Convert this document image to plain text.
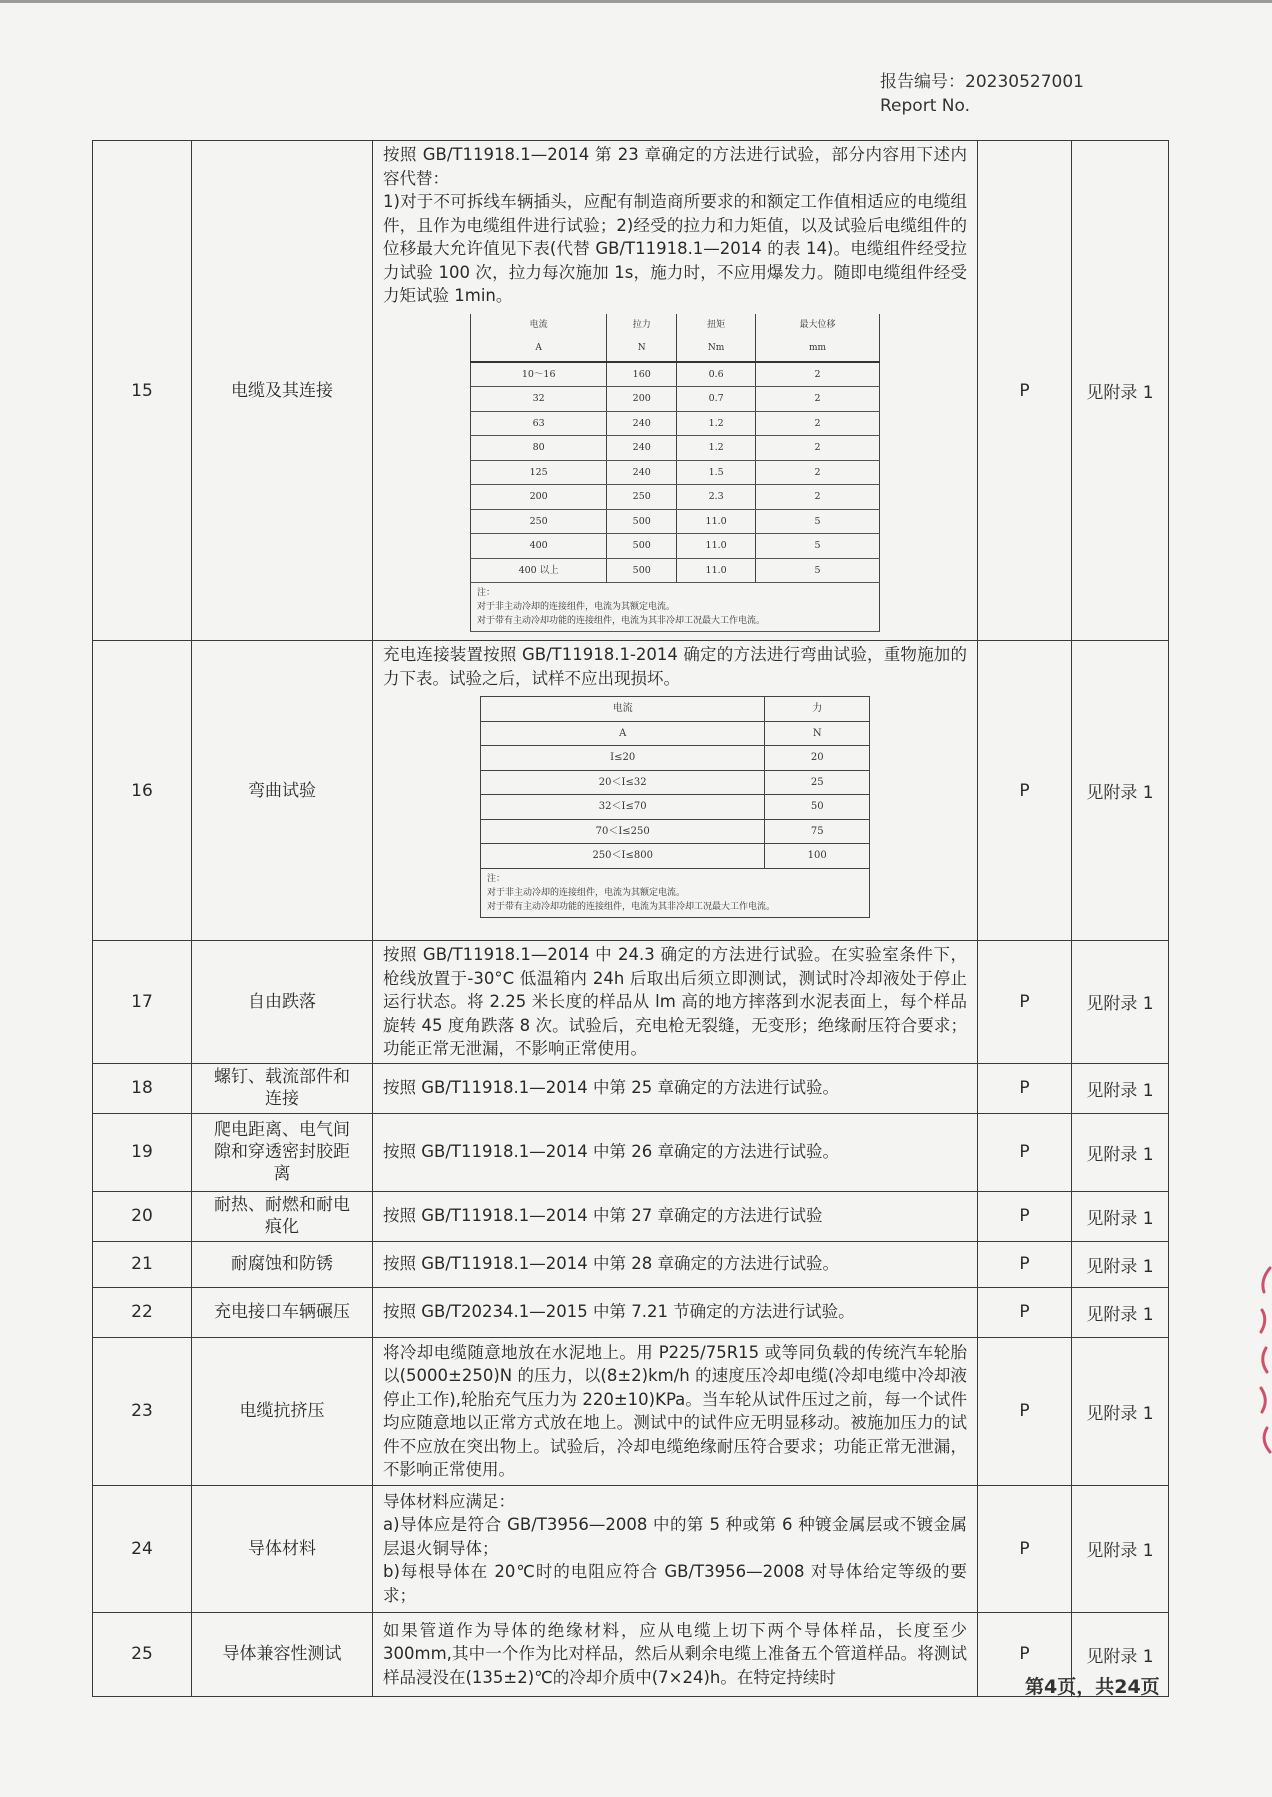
报告编号：20230527001
Report No.
15	电缆及其连接	
按照 GB/T11918.1—2014 第 23 章确定的方法进行试验，部分内容用下述内容代替：
1)对于不可拆线车辆插头，应配有制造商所要求的和额定工作值相适应的电缆组件，且作为电缆组件进行试验；2)经受的拉力和力矩值，以及试验后电缆组件的位移最大允许值见下表(代替 GB/T11918.1—2014 的表 14)。电缆组件经受拉力试验 100 次，拉力每次施加 1s，施力时，不应用爆发力。随即电缆组件经受力矩试验 1min。
电流	拉力	扭矩	最大位移
A	N	Nm	mm
10～16	160	0.6	2
32	200	0.7	2
63	240	1.2	2
80	240	1.2	2
125	240	1.5	2
200	250	2.3	2
250	500	11.0	5
400	500	11.0	5
400 以上	500	11.0	5

注：
对于非主动冷却的连接组件，电流为其额定电流。
对于带有主动冷却功能的连接组件，电流为其非冷却工况最大工作电流。
	P	见附录 1
16	弯曲试验	
充电连接装置按照 GB/T11918.1-2014 确定的方法进行弯曲试验，重物施加的力下表。试验之后，试样不应出现损坏。
电流	力
A	N
I≤20	20
20＜I≤32	25
32＜I≤70	50
70＜I≤250	75
250＜I≤800	100

注：
对于非主动冷却的连接组件，电流为其额定电流。
对于带有主动冷却功能的连接组件，电流为其非冷却工况最大工作电流。
	P	见附录 1
17	自由跌落	
按照 GB/T11918.1—2014 中 24.3 确定的方法进行试验。在实验室条件下，枪线放置于-30°C 低温箱内 24h 后取出后须立即测试，测试时冷却液处于停止运行状态。将 2.25 米长度的样品从 lm 高的地方摔落到水泥表面上，每个样品旋转 45 度角跌落 8 次。试验后，充电枪无裂缝，无变形；绝缘耐压符合要求；功能正常无泄漏，不影响正常使用。
	P	见附录 1
18	螺钉、载流部件和连接	
按照 GB/T11918.1—2014 中第 25 章确定的方法进行试验。	P	见附录 1
19	爬电距离、电气间隙和穿透密封胶距离	
按照 GB/T11918.1—2014 中第 26 章确定的方法进行试验。	P	见附录 1
20	耐热、耐燃和耐电痕化	
按照 GB/T11918.1—2014 中第 27 章确定的方法进行试验	P	见附录 1
21	耐腐蚀和防锈	按照 GB/T11918.1—2014 中第 28 章确定的方法进行试验。	P	见附录 1
22	充电接口车辆碾压	按照 GB/T20234.1—2015 中第 7.21 节确定的方法进行试验。	P	见附录 1
23	电缆抗挤压	
将冷却电缆随意地放在水泥地上。用 P225/75R15 或等同负载的传统汽车轮胎以(5000±250)N 的压力，以(8±2)km/h 的速度压冷却电缆(冷却电缆中冷却液停止工作),轮胎充气压力为 220±10)KPa。当车轮从试件压过之前，每一个试件均应随意地以正常方式放在地上。测试中的试件应无明显移动。被施加压力的试件不应放在突出物上。试验后，冷却电缆绝缘耐压符合要求；功能正常无泄漏，不影响正常使用。
	P	见附录 1
24	导体材料	
导体材料应满足：
a)导体应是符合 GB/T3956—2008 中的第 5 种或第 6 种镀金属层或不镀金属层退火铜导体；
b)每根导体在 20℃时的电阻应符合 GB/T3956—2008 对导体给定等级的要求；
	P	见附录 1
25	导体兼容性测试	
如果管道作为导体的绝缘材料，应从电缆上切下两个导体样品，长度至少 300mm,其中一个作为比对样品，然后从剩余电缆上准备五个管道样品。将测试样品浸没在(135±2)℃的冷却介质中(7×24)h。在特定持续时
	P	见附录 1
第4页，共24页
